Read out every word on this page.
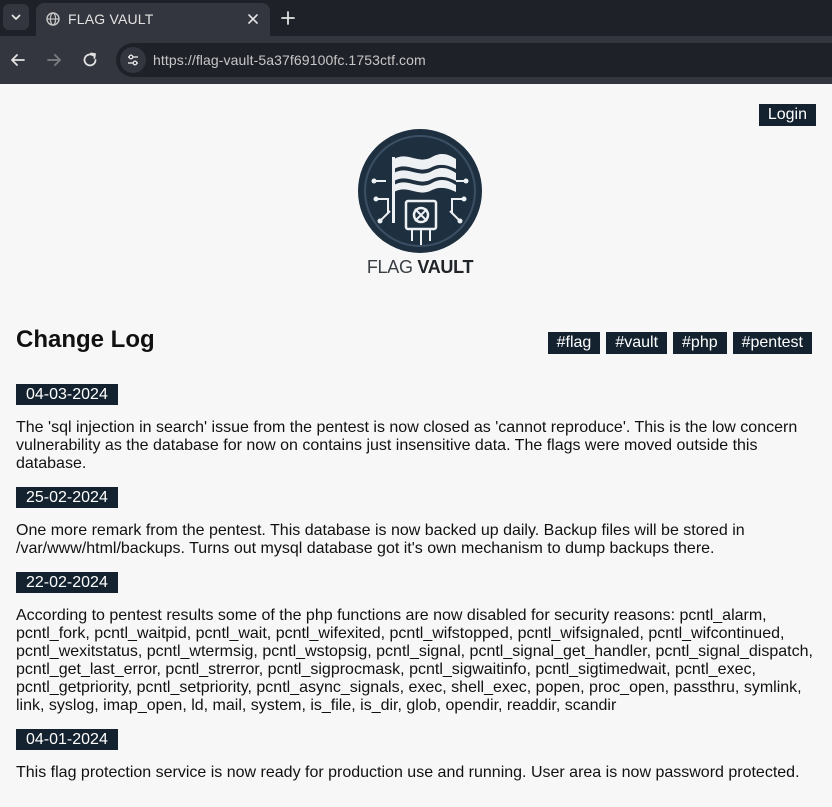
FLAG VAULT
https://flag-vault-5a37f69100fc.1753ctf.com
Login
FLAG VAULT
Change Log	#flag	#vault	#php	#pentest
04-03-2024

The 'sql injection in search' issue from the pentest is now closed as 'cannot reproduce'. This is the low concern vulnerability as the database for now on contains just insensitive data. The flags were moved outside this database.

25-02-2024

One more remark from the pentest. This database is now backed up daily. Backup files will be stored in /var/www/html/backups. Turns out mysql database got it's own mechanism to dump backups there.

22-02-2024

According to pentest results some of the php functions are now disabled for security reasons: pcntl_alarm, pcntl_fork, pcntl_waitpid, pcntl_wait, pcntl_wifexited, pcntl_wifstopped, pcntl_wifsignaled, pcntl_wifcontinued, pcntl_wexitstatus, pcntl_wtermsig, pcntl_wstopsig, pcntl_signal, pcntl_signal_get_handler, pcntl_signal_dispatch, pcntl_get_last_error, pcntl_strerror, pcntl_sigprocmask, pcntl_sigwaitinfo, pcntl_sigtimedwait, pcntl_exec, pcntl_getpriority, pcntl_setpriority, pcntl_async_signals, exec, shell_exec, popen, proc_open, passthru, symlink, link, syslog, imap_open, ld, mail, system, is_file, is_dir, glob, opendir, readdir, scandir

04-01-2024

This flag protection service is now ready for production use and running. User area is now password protected.
